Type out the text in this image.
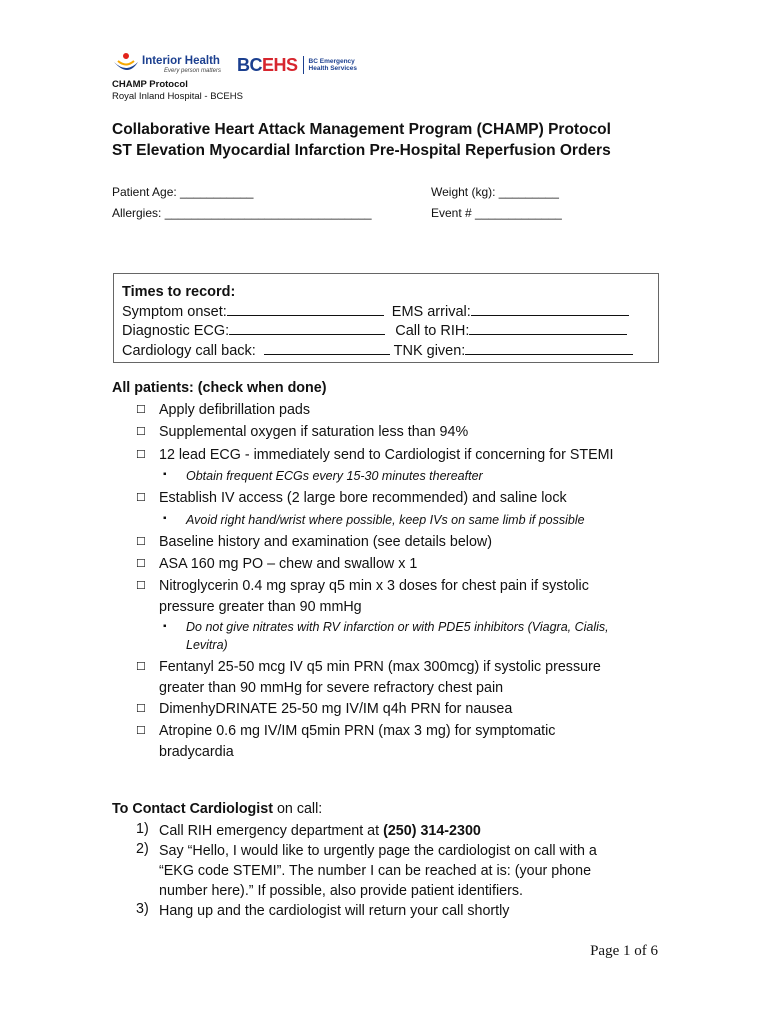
Interior Health
Every person matters BCEHS BC Emergency
Health Services
CHAMP Protocol
Royal Inland Hospital - BCEHS
Collaborative Heart Attack Management Program (CHAMP) Protocol
ST Elevation Myocardial Infarction Pre-Hospital Reperfusion Orders
Patient Age: ___________	Weight (kg): _________
Allergies: _______________________________	Event # _____________
Times to record:
Symptom onset:	EMS arrival:
Diagnostic ECG:	Call to RIH:
Cardiology call back:	TNK given:
All patients: (check when done)
☐ Apply defibrillation pads
☐ Supplemental oxygen if saturation less than 94%
☐ 12 lead ECG - immediately send to Cardiologist if concerning for STEMI
▪ Obtain frequent ECGs every 15-30 minutes thereafter
☐ Establish IV access (2 large bore recommended) and saline lock
▪ Avoid right hand/wrist where possible, keep IVs on same limb if possible
☐ Baseline history and examination (see details below)
☐ ASA 160 mg PO – chew and swallow x 1
☐ Nitroglycerin 0.4 mg spray q5 min x 3 doses for chest pain if systolic
pressure greater than 90 mmHg
▪ Do not give nitrates with RV infarction or with PDE5 inhibitors (Viagra, Cialis,
Levitra)
☐ Fentanyl 25-50 mcg IV q5 min PRN (max 300mcg) if systolic pressure
greater than 90 mmHg for severe refractory chest pain
☐ DimenhyDRINATE 25-50 mg IV/IM q4h PRN for nausea
☐ Atropine 0.6 mg IV/IM q5min PRN (max 3 mg) for symptomatic
bradycardia
To Contact Cardiologist on call:
1) Call RIH emergency department at (250) 314-2300
2) Say “Hello, I would like to urgently page the cardiologist on call with a
“EKG code STEMI”. The number I can be reached at is: (your phone
number here).” If possible, also provide patient identifiers.
3) Hang up and the cardiologist will return your call shortly
Page 1 of 6
